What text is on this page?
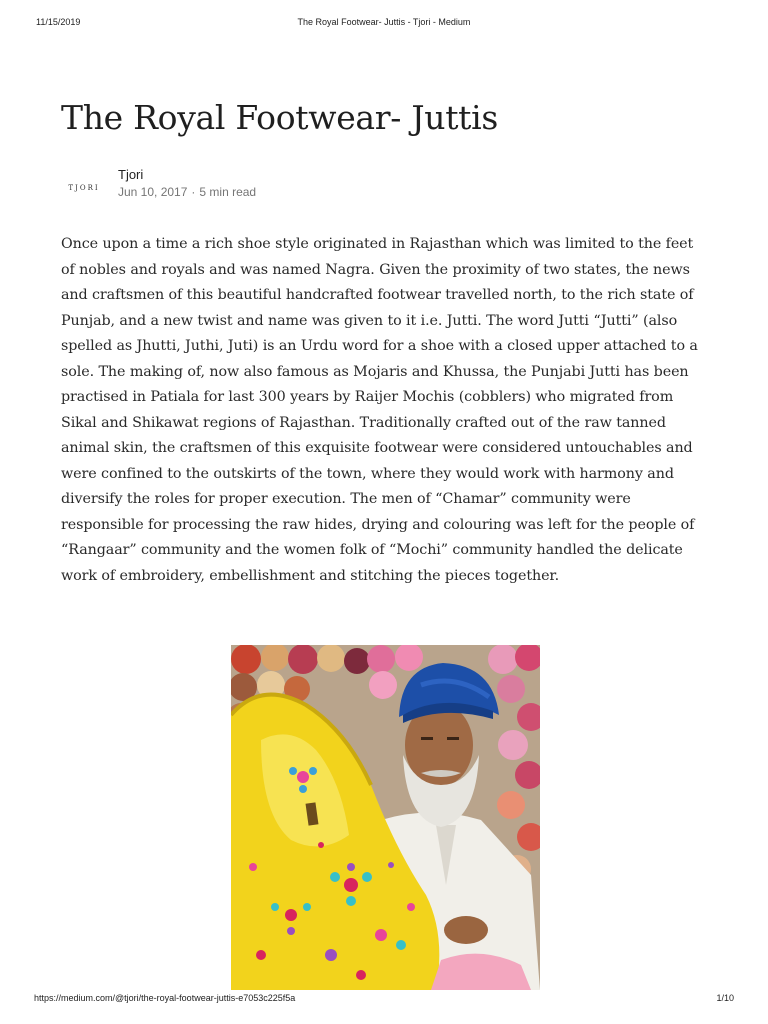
11/15/2019	The Royal Footwear- Juttis - Tjori - Medium
The Royal Footwear- Juttis
TJORI
Tjori
Jun 10, 2017 · 5 min read

Once upon a time a rich shoe style originated in Rajasthan which was limited to the feet of nobles and royals and was named Nagra. Given the proximity of two states, the news and craftsmen of this beautiful handcrafted footwear travelled north, to the rich state of Punjab, and a new twist and name was given to it i.e. Jutti. The word Jutti “Jutti” (also spelled as Jhutti, Juthi, Juti) is an Urdu word for a shoe with a closed upper attached to a sole. The making of, now also famous as Mojaris and Khussa, the Punjabi Jutti has been practised in Patiala for last 300 years by Raijer Mochis (cobblers) who migrated from Sikal and Shikawat regions of Rajasthan. Traditionally crafted out of the raw tanned animal skin, the craftsmen of this exquisite footwear were considered untouchables and were confined to the outskirts of the town, where they would work with harmony and diversify the roles for proper execution. The men of “Chamar” community were responsible for processing the raw hides, drying and colouring was left for the people of “Rangaar” community and the women folk of “Mochi” community handled the delicate work of embroidery, embellishment and stitching the pieces together.

https://medium.com/@tjori/the-royal-footwear-juttis-e7053c225f5a	1/10
